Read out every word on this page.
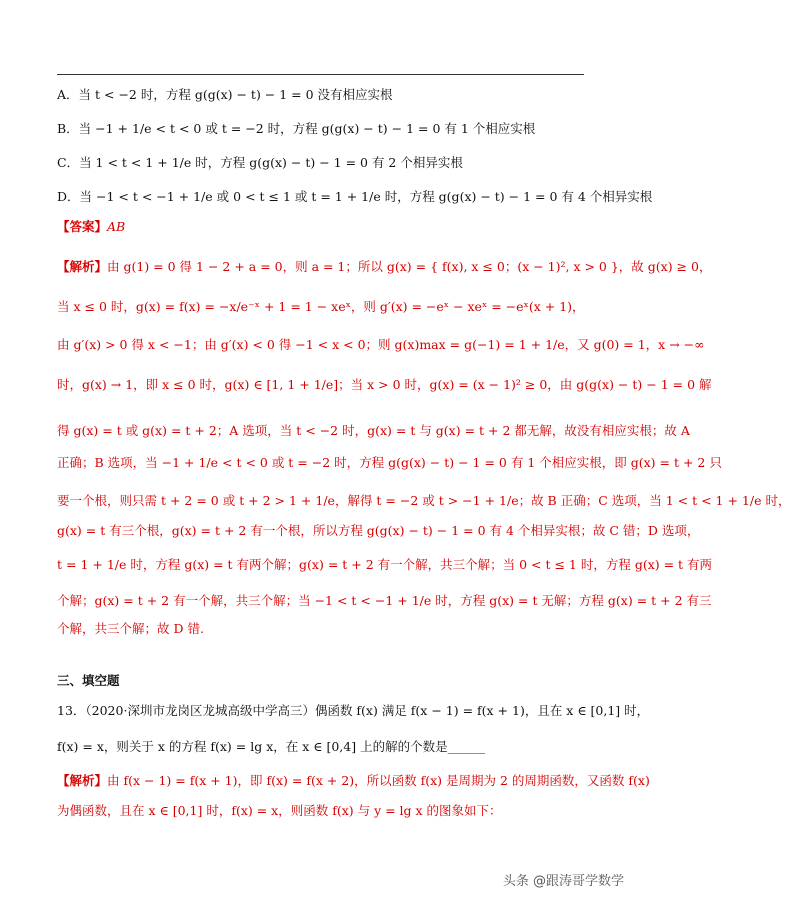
A．当 t < −2 时，方程 g(g(x) − t) − 1 = 0 没有相应实根
B．当 −1 + 1/e < t < 0 或 t = −2 时，方程 g(g(x) − t) − 1 = 0 有 1 个相应实根
C．当 1 < t < 1 + 1/e 时，方程 g(g(x) − t) − 1 = 0 有 2 个相异实根
D．当 −1 < t < −1 + 1/e 或 0 < t ≤ 1 或 t = 1 + 1/e 时，方程 g(g(x) − t) − 1 = 0 有 4 个相异实根
【答案】AB
【解析】由 g(1) = 0 得 1 − 2 + a = 0，则 a = 1；所以 g(x) = { f(x), x ≤ 0；(x − 1)², x > 0 }，故 g(x) ≥ 0，
当 x ≤ 0 时，g(x) = f(x) = −x/e⁻ˣ + 1 = 1 − xeˣ，则 g′(x) = −eˣ − xeˣ = −eˣ(x + 1)，
由 g′(x) > 0 得 x < −1；由 g′(x) < 0 得 −1 < x < 0；则 g(x)max = g(−1) = 1 + 1/e，又 g(0) = 1，x → −∞
时，g(x) → 1，即 x ≤ 0 时，g(x) ∈ [1, 1 + 1/e]；当 x > 0 时，g(x) = (x − 1)² ≥ 0，由 g(g(x) − t) − 1 = 0 解
得 g(x) = t 或 g(x) = t + 2；A 选项，当 t < −2 时，g(x) = t 与 g(x) = t + 2 都无解，故没有相应实根；故 A
正确；B 选项，当 −1 + 1/e < t < 0 或 t = −2 时，方程 g(g(x) − t) − 1 = 0 有 1 个相应实根，即 g(x) = t + 2 只
要一个根，则只需 t + 2 = 0 或 t + 2 > 1 + 1/e，解得 t = −2 或 t > −1 + 1/e；故 B 正确；C 选项，当 1 < t < 1 + 1/e 时，
g(x) = t 有三个根，g(x) = t + 2 有一个根，所以方程 g(g(x) − t) − 1 = 0 有 4 个相异实根；故 C 错；D 选项，
t = 1 + 1/e 时，方程 g(x) = t 有两个解；g(x) = t + 2 有一个解，共三个解；当 0 < t ≤ 1 时，方程 g(x) = t 有两
个解；g(x) = t + 2 有一个解，共三个解；当 −1 < t < −1 + 1/e 时，方程 g(x) = t 无解；方程 g(x) = t + 2 有三
个解，共三个解；故 D 错.
三、填空题
13．（2020·深圳市龙岗区龙城高级中学高三）偶函数 f(x) 满足 f(x − 1) = f(x + 1)，且在 x ∈ [0,1] 时，
f(x) = x，则关于 x 的方程 f(x) = lg x，在 x ∈ [0,4] 上的解的个数是______
【解析】由 f(x − 1) = f(x + 1)，即 f(x) = f(x + 2)，所以函数 f(x) 是周期为 2 的周期函数，又函数 f(x)
为偶函数，且在 x ∈ [0,1] 时，f(x) = x，则函数 f(x) 与 y = lg x 的图象如下：
头条 @跟涛哥学数学
